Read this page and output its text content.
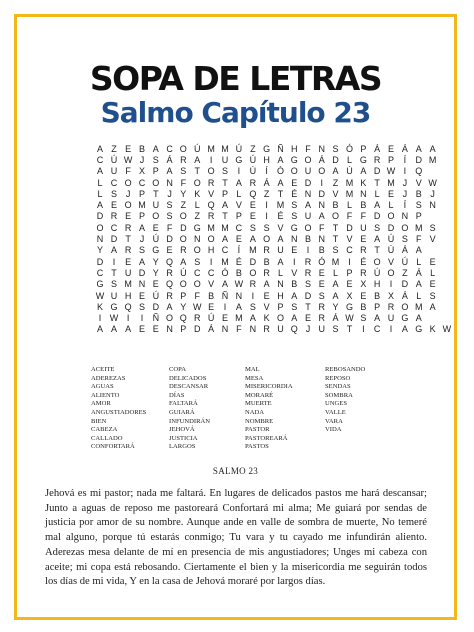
SOPA DE LETRAS
Salmo Capítulo 23
A	Z	E	B	A	C	O	Ú	M	M	Ú	Z	G	Ñ	H	F	N	S	Ó	P	Á	E	Á	A	A	
C	Ú	W	J	S	Á	R	A	I	U	G	Ú	H	A	G	O	Á	D	L	G	R	P	Í	D	M	
A	U	F	X	P	A	S	T	O	S	I	Ú	Í	Ó	O	U	O	A	Ú	A	D	W	I	Q		
L	C	O	C	O	N	F	O	R	T	A	R	Á	A	E	D	I	Z	M	K	T	M	J	V	W	
L	S	J	P	T	J	Y	K	V	P	L	Q	Z	T	É	N	D	V	M	N	L	E	J	B	J	
A	E	O	M	U	S	Z	L	Q	A	V	E	I	M	S	A	N	B	L	B	A	L	Í	S	N	
D	R	E	P	O	S	O	Z	R	T	P	E	I	É	S	U	A	O	F	F	D	O	N	P		
O	C	R	A	E	F	D	G	M	M	C	S	S	V	G	O	F	T	D	U	S	D	O	M	S	
N	D	T	J	Ú	D	O	N	O	A	E	A	O	A	N	B	N	T	V	E	A	Ú	S	F	V	
Y	A	R	S	G	E	R	O	H	C	Í	M	R	U	E	I	B	S	C	R	T	Ú	Á	A		
D	I	E	A	Y	Q	A	S	I	M	É	D	B	A	I	R	Ó	M	I	É	O	V	Ú	L	E	
C	T	U	D	Y	R	Ú	C	C	Ó	B	O	R	L	V	R	E	L	P	R	Ú	O	Z	Á	L	
G	S	M	N	E	Q	O	O	V	A	W	R	A	N	B	S	E	A	E	X	H	I	D	A	E	
W	U	H	E	Ú	R	P	F	B	Ñ	N	I	E	H	A	D	S	A	X	E	B	X	Á	L	S	
K	G	Q	S	D	A	Y	W	E	I	A	S	V	P	S	T	R	Y	G	B	P	R	O	M	A	
I	W	I	I	Ñ	O	Q	R	Ú	E	M	A	K	O	A	E	R	Á	W	S	A	U	G	A		
A	A	A	E	E	N	P	D	Á	N	F	N	R	U	Q	J	U	S	T	I	C	I	A	G	K	W
ACEITE
ADEREZAS
AGUAS
ALIENTO
AMOR
ANGUSTIADORES
BIEN
CABEZA
CALLADO
CONFORTARÁ
COPA
DELICADOS
DESCANSAR
DÍAS
FALTARÁ
GUIARÁ
INFUNDIRÁN
JEHOVÁ
JUSTICIA
LARGOS
MAL
MESA
MISERICORDIA
MORARÉ
MUERTE
NADA
NOMBRE
PASTOR
PASTOREARÁ
PASTOS
REBOSANDO
REPOSO
SENDAS
SOMBRA
UNGES
VALLE
VARA
VIDA
SALMO 23

Jehová es mi pastor; nada me faltará. En lugares de delicados pastos me hará descansar; Junto a aguas de reposo me pastoreará Confortará mi alma; Me guiará por sendas de justicia por amor de su nombre. Aunque ande en valle de sombra de muerte, No temeré mal alguno, porque tú estarás conmigo; Tu vara y tu cayado me infundirán aliento. Aderezas mesa delante de mí en presencia de mis angustiadores; Unges mi cabeza con aceite; mi copa está rebosando. Ciertamente el bien y la misericordia me seguirán todos los días de mi vida, Y en la casa de Jehová moraré por largos días.
